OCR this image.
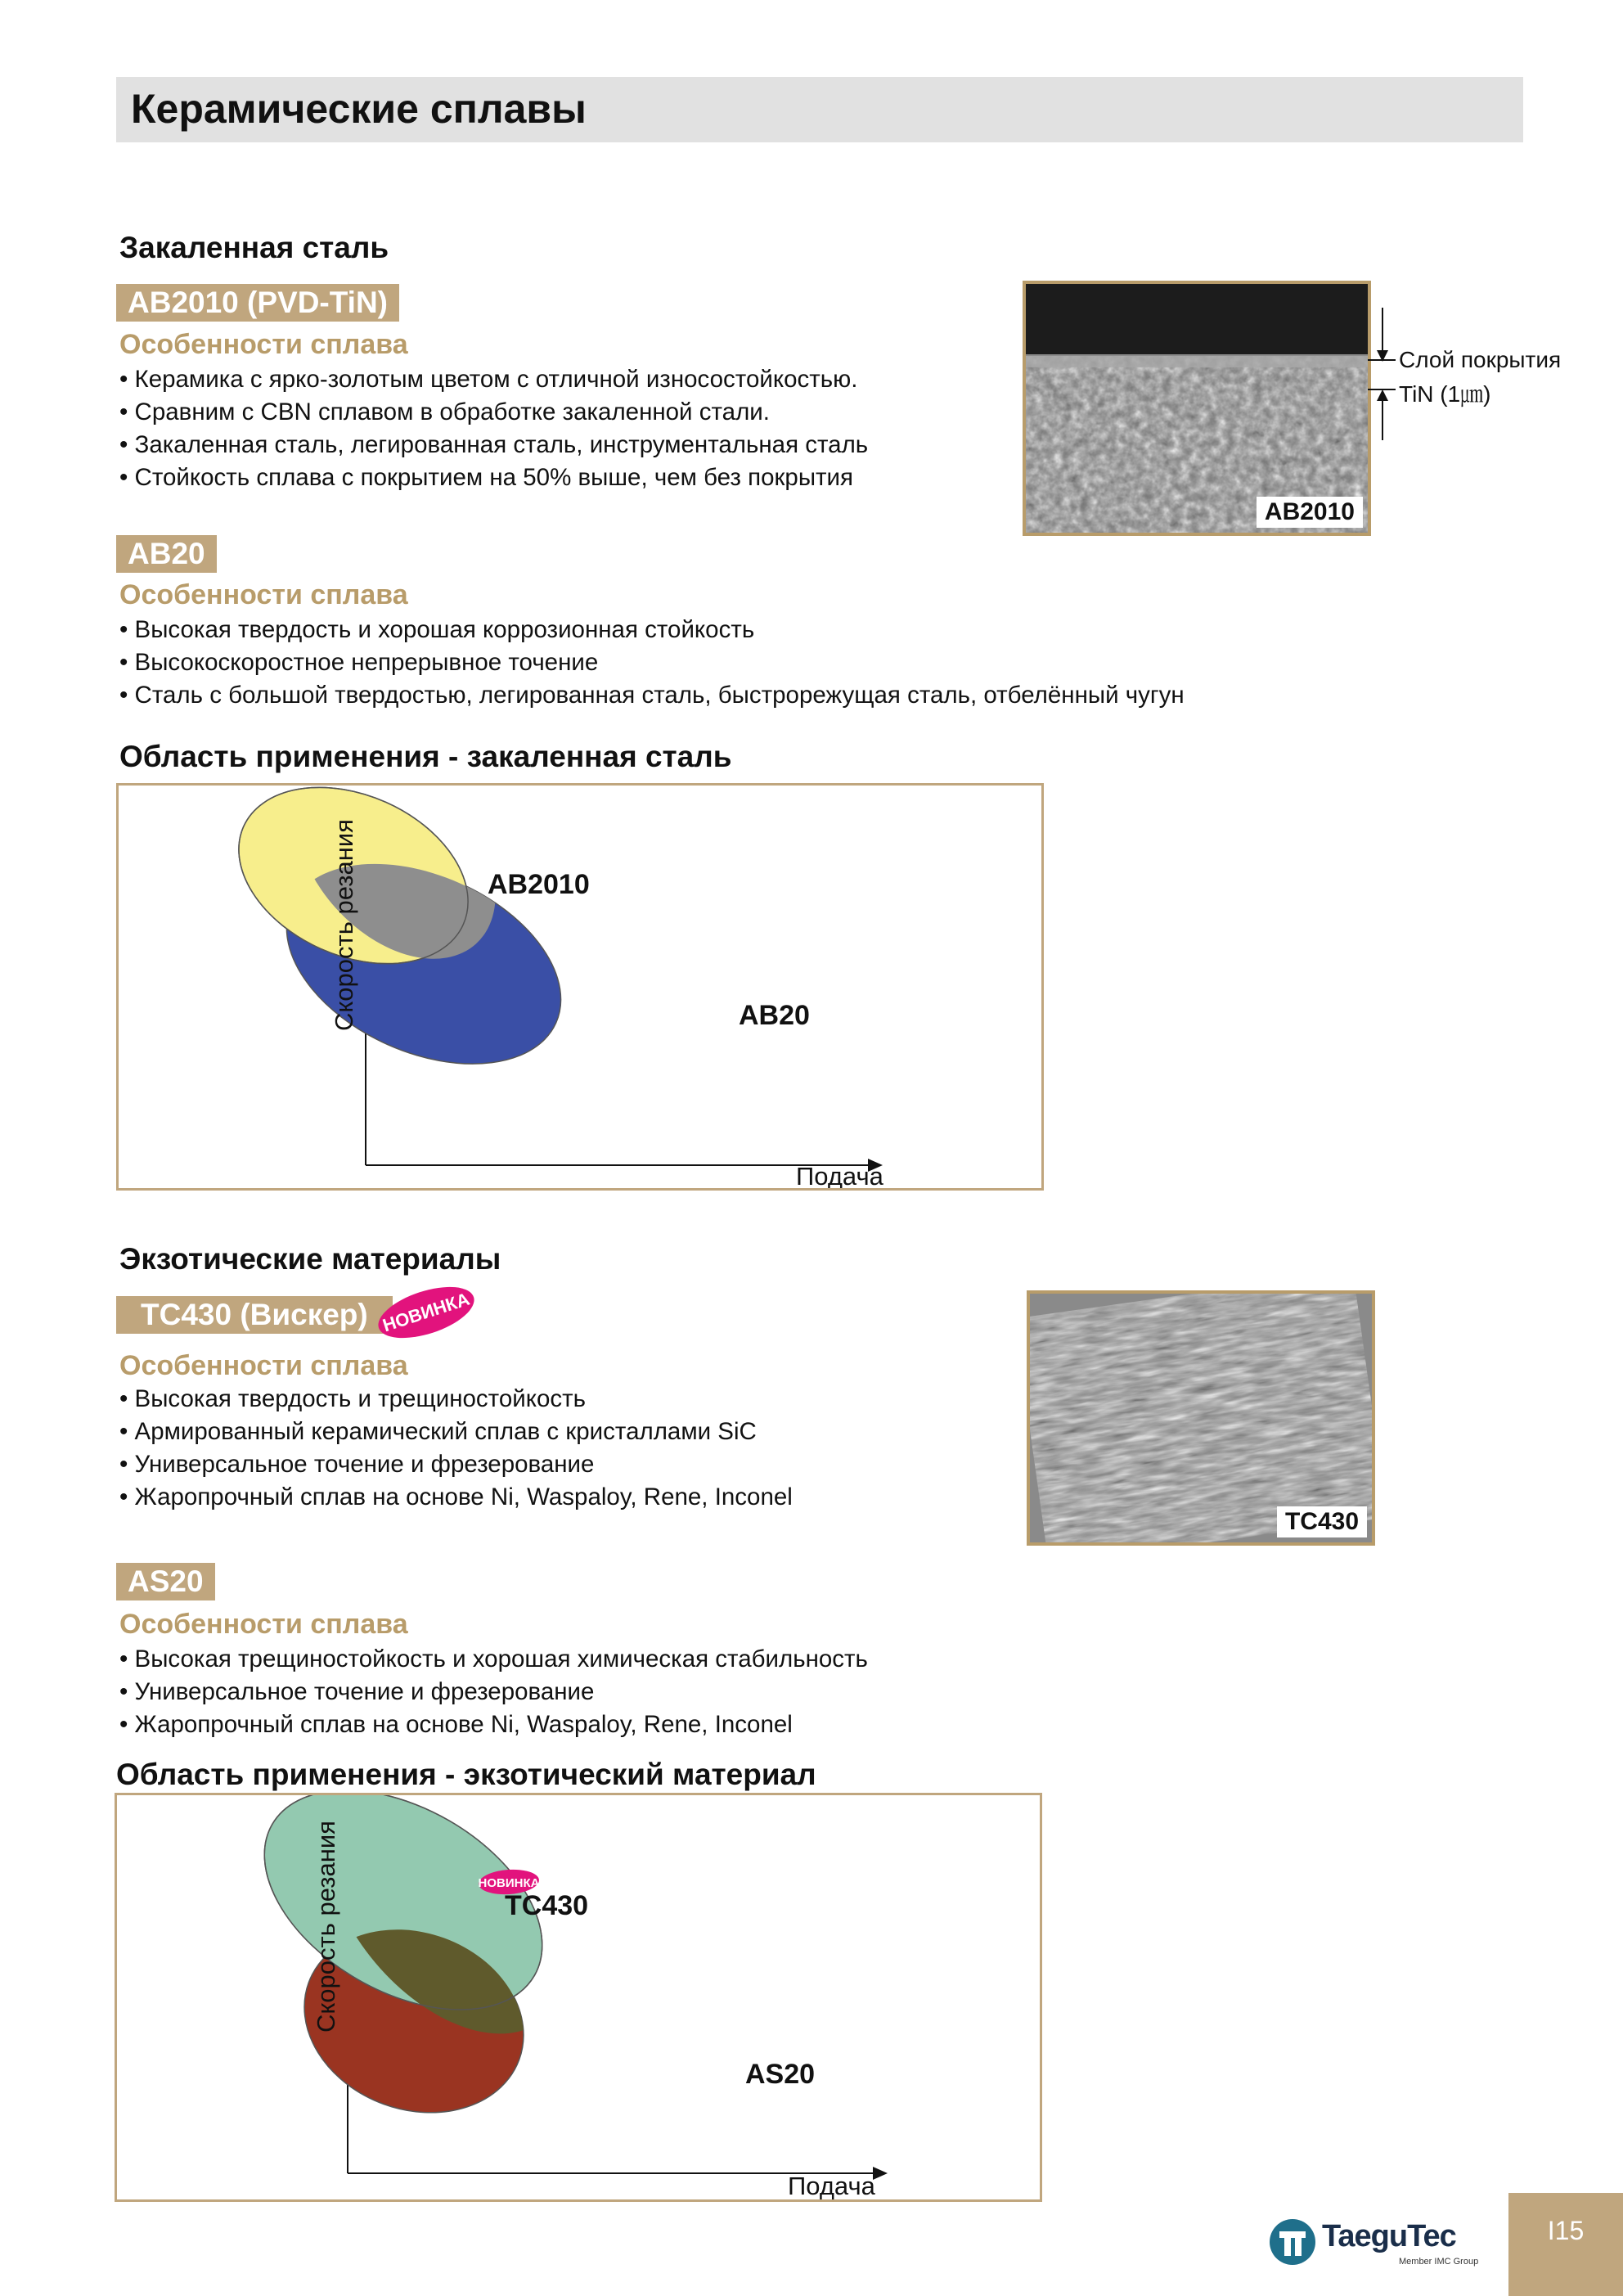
Керамические сплавы
Закаленная сталь
AB2010 (PVD-TiN)
Особенности сплава
• Керамика с ярко-золотым цветом с отличной износостойкостью.
• Сравним с CBN сплавом в обработке закаленной стали.
• Закаленная сталь, легированная сталь, инструментальная сталь
• Стойкость сплава с покрытием на 50% выше, чем без покрытия
AB2010
Слой покрытия
TiN (1㎛)
AB20
Особенности сплава
• Высокая твердость и хорошая коррозионная стойкость
• Высокоскоростное непрерывное точение
• Сталь с большой твердостью, легированная сталь, быстрорежущая сталь, отбелённый чугун
Область применения - закаленная сталь
AB2010
AB20
Скорость резания
Подача
Экзотические материалы
TC430 (Вискер) НОВИНКА
Особенности сплава
• Высокая твердость и трещиностойкость
• Армированный керамический сплав с кристаллами SiC
• Универсальное точение и фрезерование
• Жаропрочный сплав на основе Ni, Waspaloy, Rene, Inconel
TC430
AS20
Особенности сплава
• Высокая трещиностойкость и хорошая химическая стабильность
• Универсальное точение и фрезерование
• Жаропрочный сплав на основе Ni, Waspaloy, Rene, Inconel
Область применения - экзотический материал
НОВИНКА
TC430
AS20
Скорость резания
Подача
TaeguTec
Member IMC Group
I15
